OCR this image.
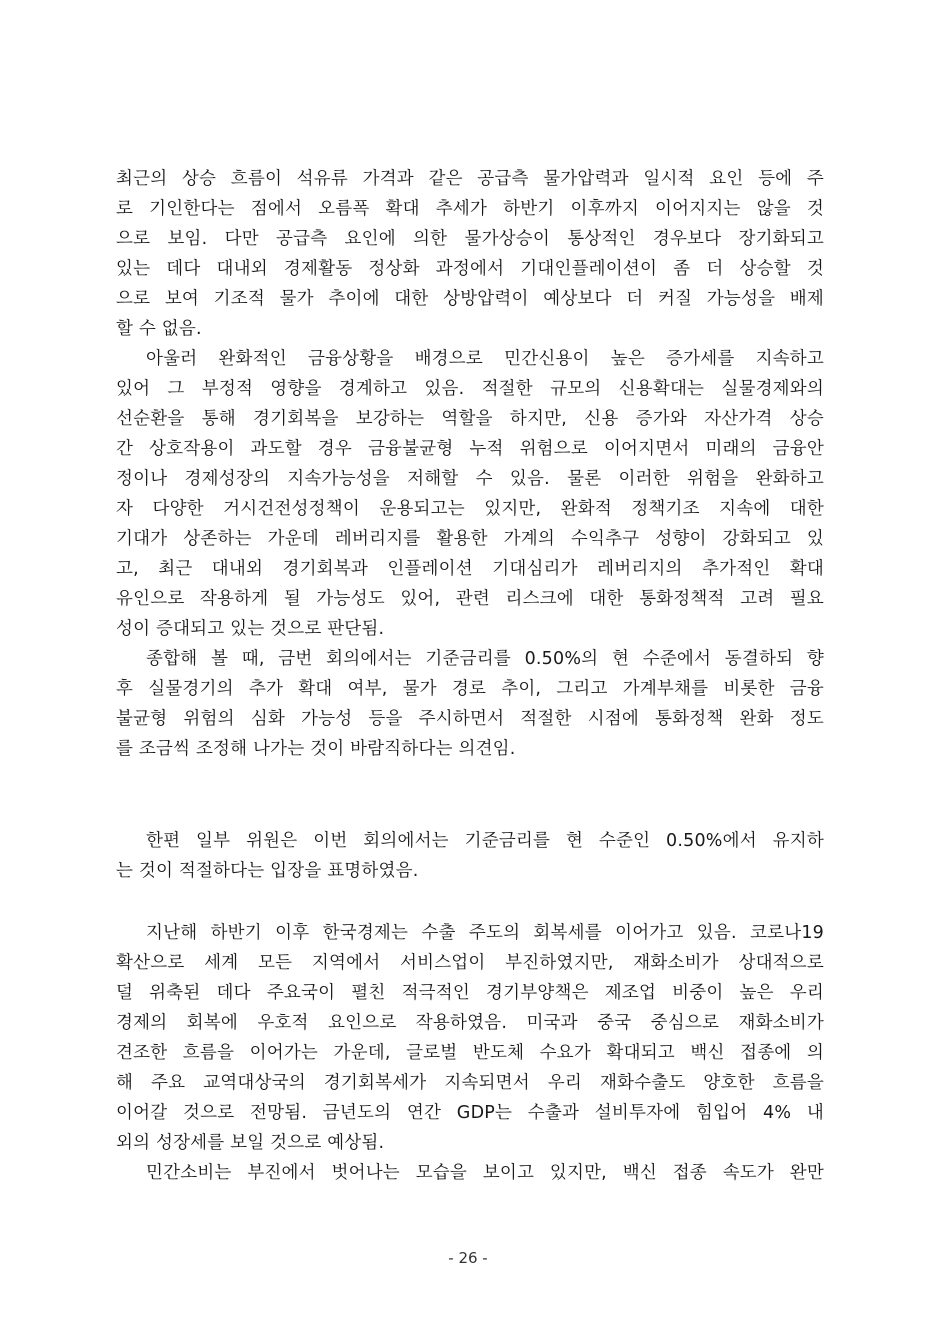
최근의 상승 흐름이 석유류 가격과 같은 공급측 물가압력과 일시적 요인 등에 주
로 기인한다는 점에서 오름폭 확대 추세가 하반기 이후까지 이어지지는 않을 것
으로 보임. 다만 공급측 요인에 의한 물가상승이 통상적인 경우보다 장기화되고
있는 데다 대내외 경제활동 정상화 과정에서 기대인플레이션이 좀 더 상승할 것
으로 보여 기조적 물가 추이에 대한 상방압력이 예상보다 더 커질 가능성을 배제
할 수 없음.
아울러 완화적인 금융상황을 배경으로 민간신용이 높은 증가세를 지속하고
있어 그 부정적 영향을 경계하고 있음. 적절한 규모의 신용확대는 실물경제와의
선순환을 통해 경기회복을 보강하는 역할을 하지만, 신용 증가와 자산가격 상승
간 상호작용이 과도할 경우 금융불균형 누적 위험으로 이어지면서 미래의 금융안
정이나 경제성장의 지속가능성을 저해할 수 있음. 물론 이러한 위험을 완화하고
자 다양한 거시건전성정책이 운용되고는 있지만, 완화적 정책기조 지속에 대한
기대가 상존하는 가운데 레버리지를 활용한 가계의 수익추구 성향이 강화되고 있
고, 최근 대내외 경기회복과 인플레이션 기대심리가 레버리지의 추가적인 확대
유인으로 작용하게 될 가능성도 있어, 관련 리스크에 대한 통화정책적 고려 필요
성이 증대되고 있는 것으로 판단됨.
종합해 볼 때, 금번 회의에서는 기준금리를 0.50%의 현 수준에서 동결하되 향
후 실물경기의 추가 확대 여부, 물가 경로 추이, 그리고 가계부채를 비롯한 금융
불균형 위험의 심화 가능성 등을 주시하면서 적절한 시점에 통화정책 완화 정도
를 조금씩 조정해 나가는 것이 바람직하다는 의견임.
한편 일부 위원은 이번 회의에서는 기준금리를 현 수준인 0.50%에서 유지하
는 것이 적절하다는 입장을 표명하였음.
지난해 하반기 이후 한국경제는 수출 주도의 회복세를 이어가고 있음. 코로나19
확산으로 세계 모든 지역에서 서비스업이 부진하였지만, 재화소비가 상대적으로
덜 위축된 데다 주요국이 펼친 적극적인 경기부양책은 제조업 비중이 높은 우리
경제의 회복에 우호적 요인으로 작용하였음. 미국과 중국 중심으로 재화소비가
견조한 흐름을 이어가는 가운데, 글로벌 반도체 수요가 확대되고 백신 접종에 의
해 주요 교역대상국의 경기회복세가 지속되면서 우리 재화수출도 양호한 흐름을
이어갈 것으로 전망됨. 금년도의 연간 GDP는 수출과 설비투자에 힘입어 4% 내
외의 성장세를 보일 것으로 예상됨.
민간소비는 부진에서 벗어나는 모습을 보이고 있지만, 백신 접종 속도가 완만
- 26 -
